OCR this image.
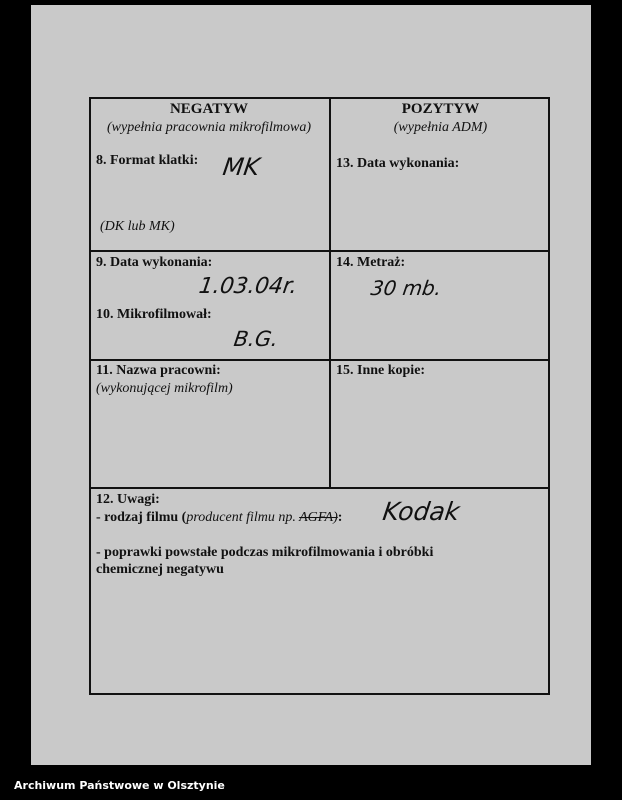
NEGATYW
(wypełnia pracownia mikrofilmowa)
POZYTYW
(wypełnia ADM)
8. Format klatki: MK
(DK lub MK)
13. Data wykonania:
9. Data wykonania:
1.03.04r.
10. Mikrofilmował:
B.G.
14. Metraż:
30 mb.
11. Nazwa pracowni:
(wykonującej mikrofilm)
15. Inne kopie:
12. Uwagi:
- rodzaj filmu (producent filmu np. AGFA): Kodak
- poprawki powstałe podczas mikrofilmowania i obróbki
chemicznej negatywu
Archiwum Państwowe w Olsztynie
